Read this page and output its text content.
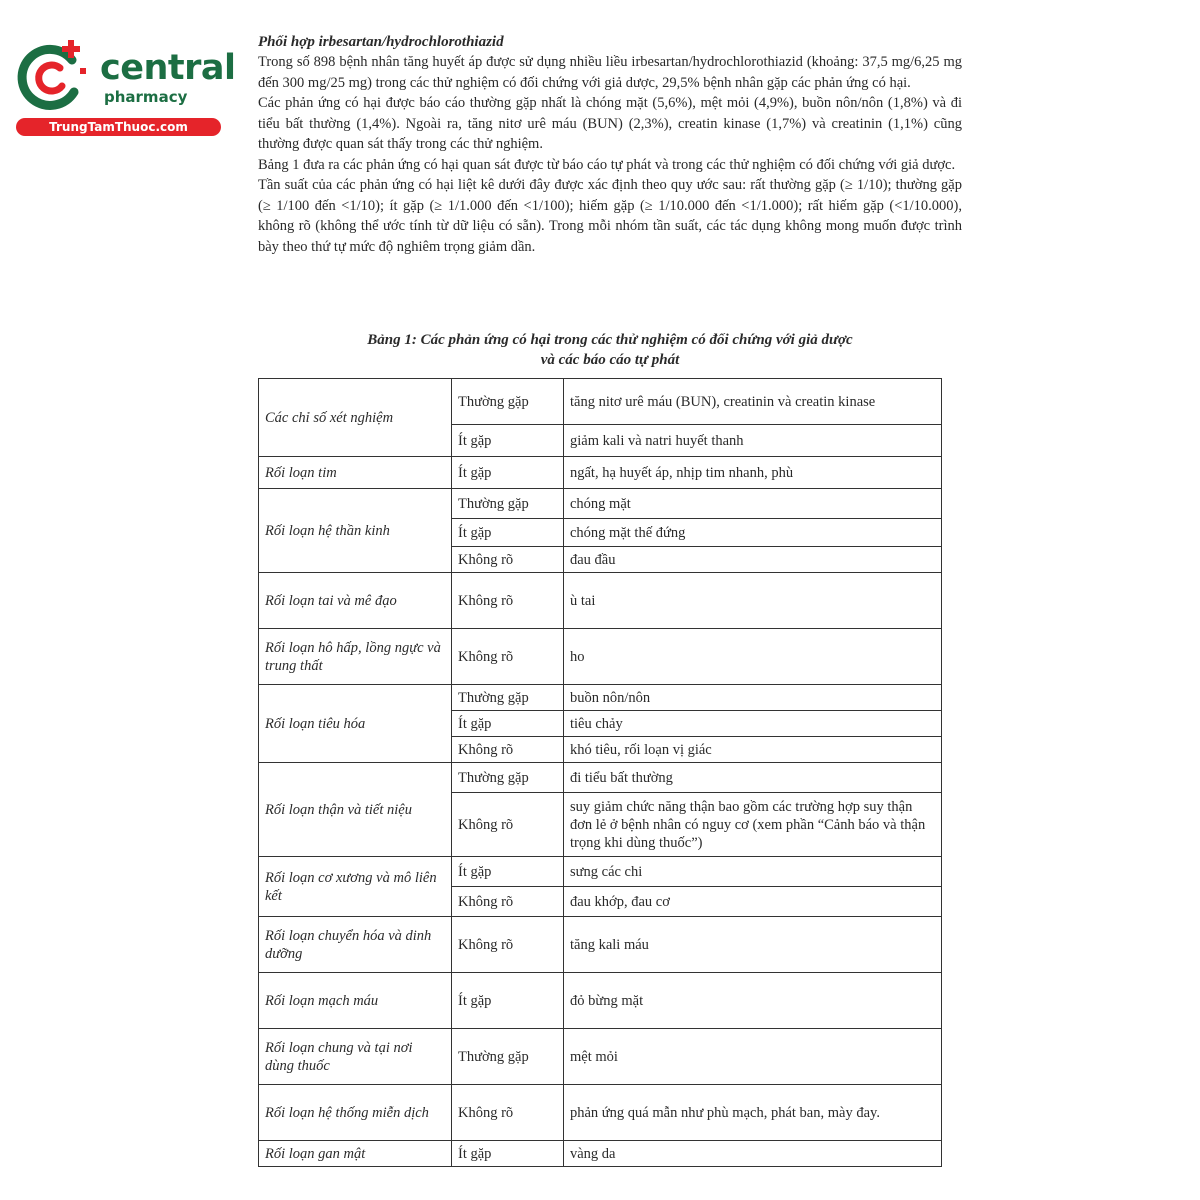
central
pharmacy
TrungTamThuoc.com
Phối hợp irbesartan/hydrochlorothiazid

Trong số 898 bệnh nhân tăng huyết áp được sử dụng nhiều liều irbesartan/hydrochlorothiazid (khoảng: 37,5 mg/6,25 mg đến 300 mg/25 mg) trong các thử nghiệm có đối chứng với giả dược, 29,5% bệnh nhân gặp các phản ứng có hại.

Các phản ứng có hại được báo cáo thường gặp nhất là chóng mặt (5,6%), mệt mỏi (4,9%), buồn nôn/nôn (1,8%) và đi tiểu bất thường (1,4%). Ngoài ra, tăng nitơ urê máu (BUN) (2,3%), creatin kinase (1,7%) và creatinin (1,1%) cũng thường được quan sát thấy trong các thử nghiệm.

Bảng 1 đưa ra các phản ứng có hại quan sát được từ báo cáo tự phát và trong các thử nghiệm có đối chứng với giả dược.

Tần suất của các phản ứng có hại liệt kê dưới đây được xác định theo quy ước sau: rất thường gặp (≥ 1/10); thường gặp (≥ 1/100 đến <1/10); ít gặp (≥ 1/1.000 đến <1/100); hiếm gặp (≥ 1/10.000 đến <1/1.000); rất hiếm gặp (<1/10.000), không rõ (không thể ước tính từ dữ liệu có sẵn). Trong mỗi nhóm tần suất, các tác dụng không mong muốn được trình bày theo thứ tự mức độ nghiêm trọng giảm dần.

Bảng 1: Các phản ứng có hại trong các thử nghiệm có đối chứng với giả dược
và các báo cáo tự phát
Các chỉ số xét nghiệm	Thường gặp	tăng nitơ urê máu (BUN), creatinin và creatin kinase
	Ít gặp	giảm kali và natri huyết thanh
Rối loạn tim	Ít gặp	ngất, hạ huyết áp, nhịp tim nhanh, phù
Rối loạn hệ thần kinh	Thường gặp	chóng mặt
	Ít gặp	chóng mặt thế đứng
	Không rõ	đau đầu
Rối loạn tai và mê đạo	Không rõ	ù tai
Rối loạn hô hấp, lồng ngực và trung thất	Không rõ	ho
Rối loạn tiêu hóa	Thường gặp	buồn nôn/nôn
	Ít gặp	tiêu chảy
	Không rõ	khó tiêu, rối loạn vị giác
Rối loạn thận và tiết niệu	Thường gặp	đi tiểu bất thường
	Không rõ	suy giảm chức năng thận bao gồm các trường hợp suy thận đơn lẻ ở bệnh nhân có nguy cơ (xem phần “Cảnh báo và thận trọng khi dùng thuốc”)
Rối loạn cơ xương và mô liên kết	Ít gặp	sưng các chi
	Không rõ	đau khớp, đau cơ
Rối loạn chuyển hóa và dinh dưỡng	Không rõ	tăng kali máu
Rối loạn mạch máu	Ít gặp	đỏ bừng mặt
Rối loạn chung và tại nơi dùng thuốc	Thường gặp	mệt mỏi
Rối loạn hệ thống miễn dịch	Không rõ	phản ứng quá mẫn như phù mạch, phát ban, mày đay.
Rối loạn gan mật	Ít gặp	vàng da
